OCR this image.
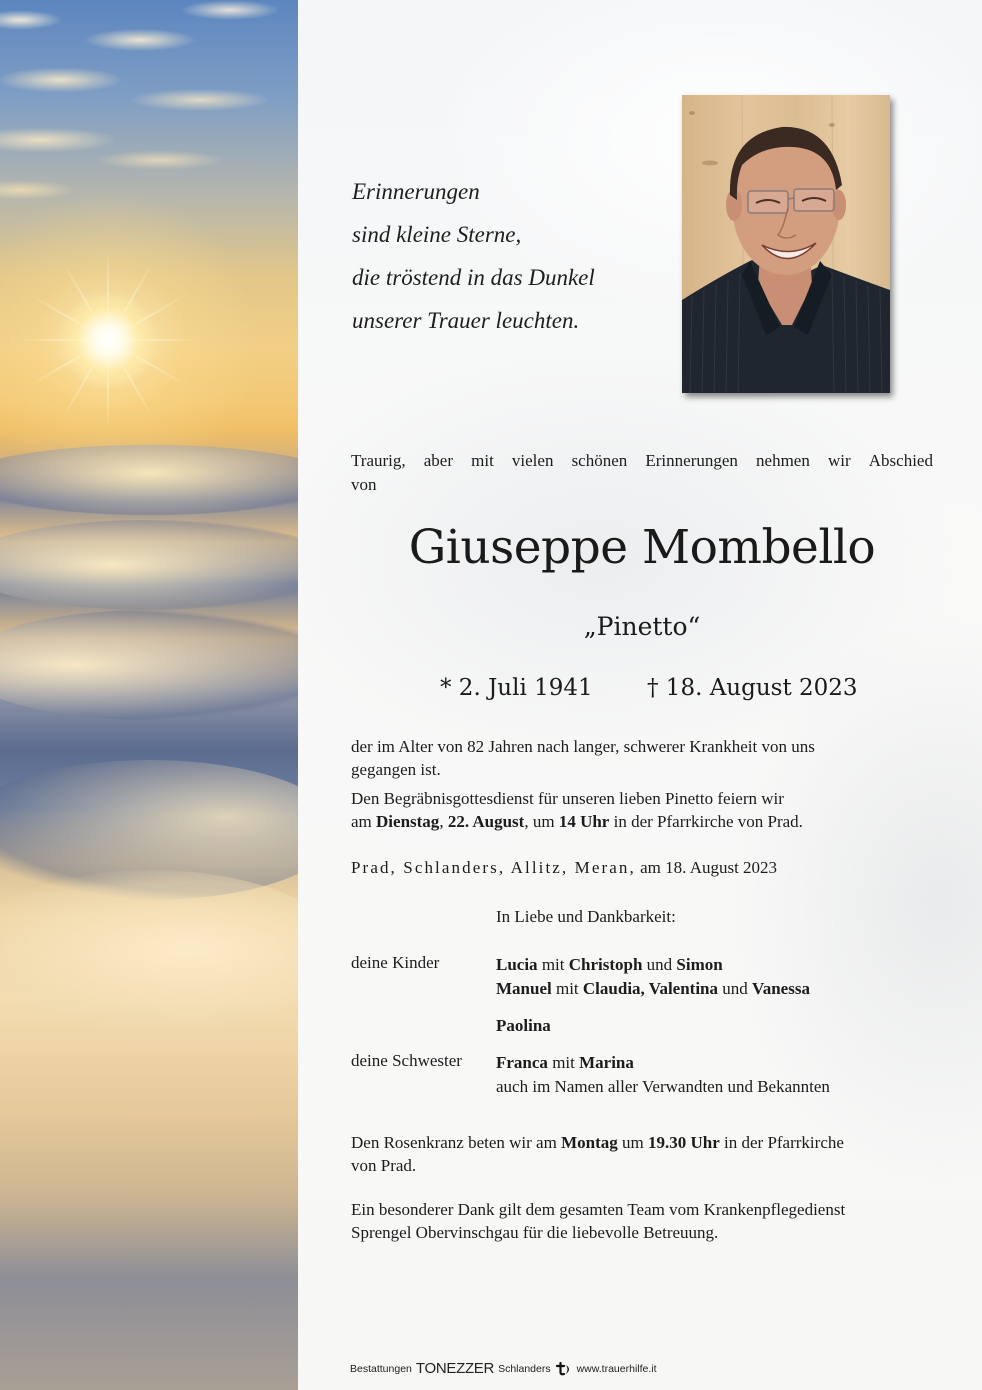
Erinnerungen
sind kleine Sterne,
die tröstend in das Dunkel
unserer Trauer leuchten.
Traurig, aber mit vielen schönen Erinnerungen nehmen wir Abschied
von
Giuseppe Mombello
„Pinetto“
* 2. Juli 1941 † 18. August 2023
der im Alter von 82 Jahren nach langer, schwerer Krankheit von uns
gegangen ist.
Den Begräbnisgottesdienst für unseren lieben Pinetto feiern wir
am Dienstag, 22. August, um 14 Uhr in der Pfarrkirche von Prad.
Prad, Schlanders, Allitz, Meran, am 18. August 2023
In Liebe und Dankbarkeit:
deine Kinder	Lucia mit Christoph und Simon
Manuel mit Claudia, Valentina und Vanessa
Paolina
deine Schwester Franca mit Marina
auch im Namen aller Verwandten und Bekannten
Den Rosenkranz beten wir am Montag um 19.30 Uhr in der Pfarrkirche
von Prad.
Ein besonderer Dank gilt dem gesamten Team vom Krankenpflegedienst
Sprengel Obervinschgau für die liebevolle Betreuung.
Bestattungen TONEZZER Schlanders www.trauerhilfe.it
